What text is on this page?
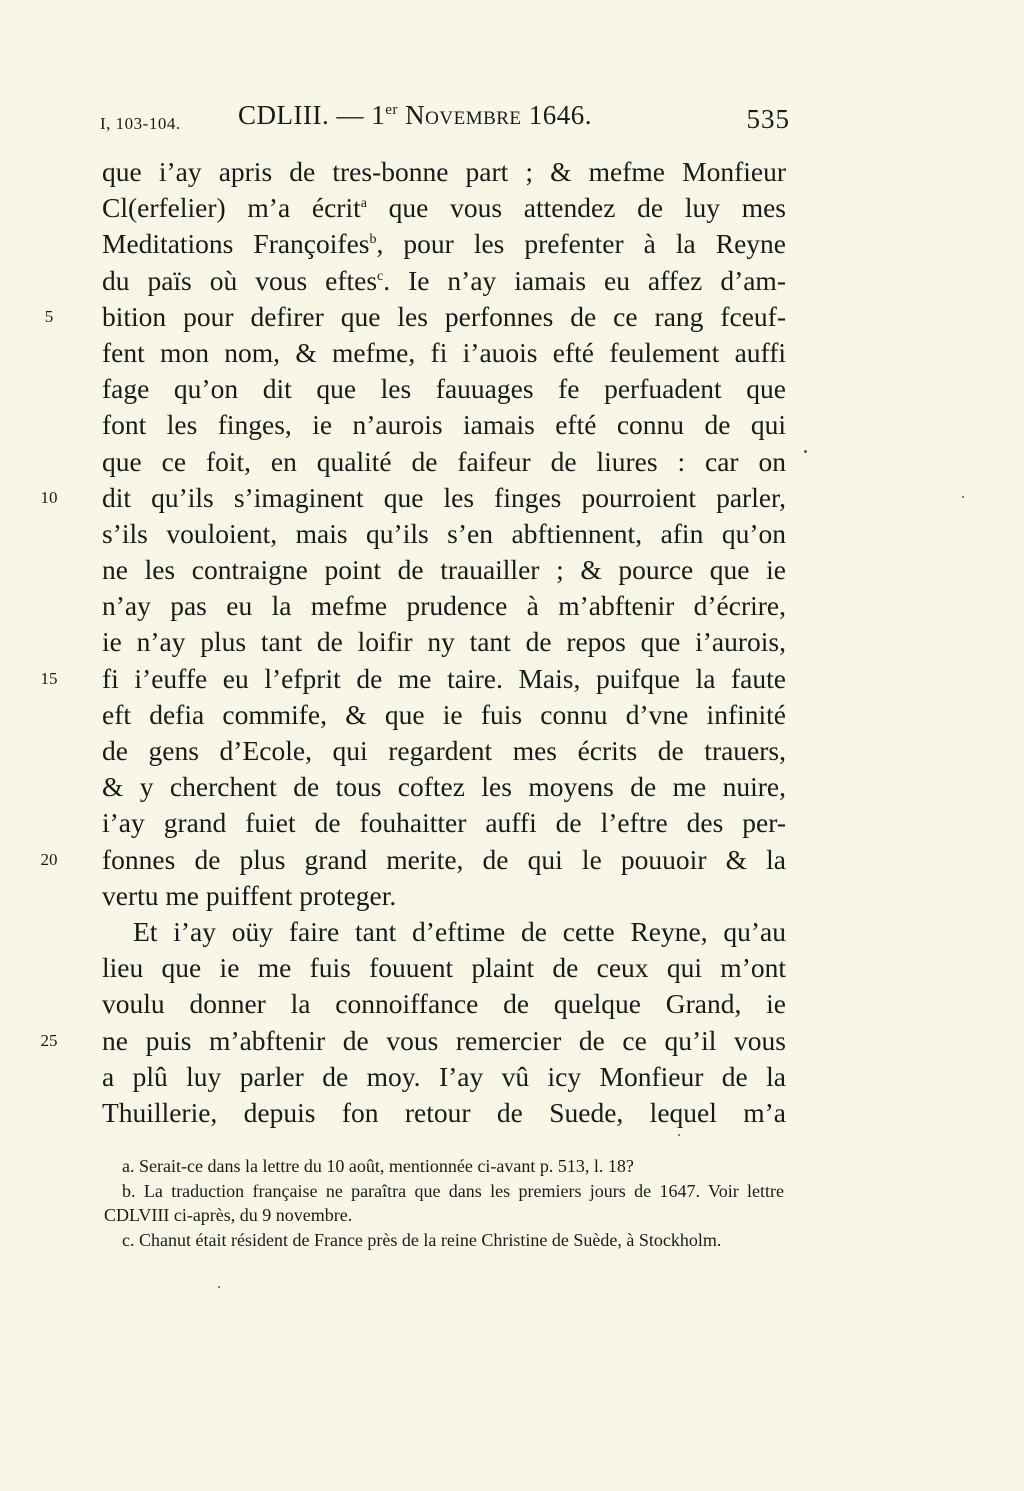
I, 103-104. CDLIII. — 1er Novembre 1646.	535
que i’ay apris de tres-bonne part ; & mefme Monfieur
Cl(erfelier) m’a écrit$^a$ que vous attendez de luy mes
Meditations Françoifes$^b$, pour les prefenter à la Reyne
du païs où vous eftes$^c$. Ie n’ay iamais eu affez d’am-
5	bition pour defirer que les perfonnes de ce rang fceuf-
fent mon nom, & mefme, fi i’auois efté feulement auffi
fage qu’on dit que les fauuages fe perfuadent que
font les finges, ie n’aurois iamais efté connu de qui
que ce foit, en qualité de faifeur de liures : car on
10	dit qu’ils s’imaginent que les finges pourroient parler,
s’ils vouloient, mais qu’ils s’en abftiennent, afin qu’on
ne les contraigne point de trauailler ; & pource que ie
n’ay pas eu la mefme prudence à m’abftenir d’écrire,
ie n’ay plus tant de loifir ny tant de repos que i’aurois,
15	fi i’euffe eu l’efprit de me taire. Mais, puifque la faute
eft defia commife, & que ie fuis connu d’vne infinité
de gens d’Ecole, qui regardent mes écrits de trauers,
& y cherchent de tous coftez les moyens de me nuire,
i’ay grand fuiet de fouhaitter auffi de l’eftre des per-
20	fonnes de plus grand merite, de qui le pouuoir & la
vertu me puiffent proteger.
Et i’ay oüy faire tant d’eftime de cette Reyne, qu’au
lieu que ie me fuis fouuent plaint de ceux qui m’ont
voulu donner la connoiffance de quelque Grand, ie
25	ne puis m’abftenir de vous remercier de ce qu’il vous
a plû luy parler de moy. I’ay vû icy Monfieur de la
Thuillerie, depuis fon retour de Suede, lequel m’a
a. Serait-ce dans la lettre du 10 août, mentionnée ci-avant p. 513, l. 18?
b. La traduction française ne paraîtra que dans les premiers jours de 1647. Voir lettre CDLVIII ci-après, du 9 novembre.
c. Chanut était résident de France près de la reine Christine de Suède, à Stockholm.
